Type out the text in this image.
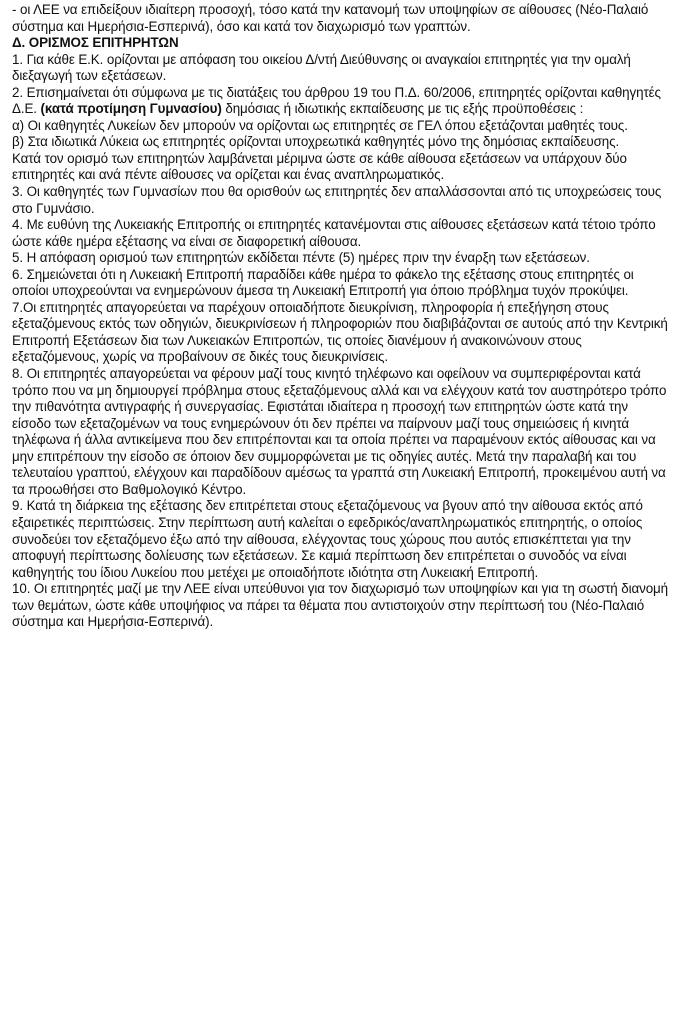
- οι ΛΕΕ να επιδείξουν ιδιαίτερη προσοχή, τόσο κατά την κατανομή των υποψηφίων σε αίθουσες (Νέο-Παλαιό σύστημα και Ημερήσια-Εσπερινά), όσο και κατά τον διαχωρισμό των γραπτών.

Δ. ΟΡΙΣΜΟΣ ΕΠΙΤΗΡΗΤΩΝ

1. Για κάθε Ε.Κ. ορίζονται με απόφαση του οικείου Δ/ντή Διεύθυνσης οι αναγκαίοι επιτηρητές για την ομαλή διεξαγωγή των εξετάσεων.

2. Επισημαίνεται ότι σύμφωνα με τις διατάξεις του άρθρου 19 του Π.Δ. 60/2006, επιτηρητές ορίζονται καθηγητές Δ.Ε. (κατά προτίμηση Γυμνασίου) δημόσιας ή ιδιωτικής εκπαίδευσης με τις εξής προϋποθέσεις :

α) Οι καθηγητές Λυκείων δεν μπορούν να ορίζονται ως επιτηρητές σε ΓΕΛ όπου εξετάζονται μαθητές τους.

β) Στα ιδιωτικά Λύκεια ως επιτηρητές ορίζονται υποχρεωτικά καθηγητές μόνο της δημόσιας εκπαίδευσης.

Κατά τον ορισμό των επιτηρητών λαμβάνεται μέριμνα ώστε σε κάθε αίθουσα εξετάσεων να υπάρχουν δύο επιτηρητές και ανά πέντε αίθουσες να ορίζεται και ένας αναπληρωματικός.

3. Οι καθηγητές των Γυμνασίων που θα ορισθούν ως επιτηρητές δεν απαλλάσσονται από τις υποχρεώσεις τους στο Γυμνάσιο.

4. Με ευθύνη της Λυκειακής Επιτροπής οι επιτηρητές κατανέμονται στις αίθουσες εξετάσεων κατά τέτοιο τρόπο ώστε κάθε ημέρα εξέτασης να είναι σε διαφορετική αίθουσα.

5. Η απόφαση ορισμού των επιτηρητών εκδίδεται πέντε (5) ημέρες πριν την έναρξη των εξετάσεων.

6. Σημειώνεται ότι η Λυκειακή Επιτροπή παραδίδει κάθε ημέρα το φάκελο της εξέτασης στους επιτηρητές οι οποίοι υποχρεούνται να ενημερώνουν άμεσα τη Λυκειακή Επιτροπή για όποιο πρόβλημα τυχόν προκύψει.

7.Οι επιτηρητές απαγορεύεται να παρέχουν οποιαδήποτε διευκρίνιση, πληροφορία ή επεξήγηση στους εξεταζόμενους εκτός των οδηγιών, διευκρινίσεων ή πληροφοριών που διαβιβάζονται σε αυτούς από την Κεντρική Επιτροπή Εξετάσεων δια των Λυκειακών Επιτροπών, τις οποίες διανέμουν ή ανακοινώνουν στους εξεταζόμενους, χωρίς να προβαίνουν σε δικές τους διευκρινίσεις.

8. Οι επιτηρητές απαγορεύεται να φέρουν μαζί τους κινητό τηλέφωνο και οφείλουν να συμπεριφέρονται κατά τρόπο που να μη δημιουργεί πρόβλημα στους εξεταζόμενους αλλά και να ελέγχουν κατά τον αυστηρότερο τρόπο την πιθανότητα αντιγραφής ή συνεργασίας. Εφιστάται ιδιαίτερα η προσοχή των επιτηρητών ώστε κατά την είσοδο των εξεταζομένων να τους ενημερώνουν ότι δεν πρέπει να παίρνουν μαζί τους σημειώσεις ή κινητά τηλέφωνα ή άλλα αντικείμενα που δεν επιτρέπονται και τα οποία πρέπει να παραμένουν εκτός αίθουσας και να μην επιτρέπουν την είσοδο σε όποιον δεν συμμορφώνεται με τις οδηγίες αυτές. Μετά την παραλαβή και του τελευταίου γραπτού, ελέγχουν και παραδίδουν αμέσως τα γραπτά στη Λυκειακή Επιτροπή, προκειμένου αυτή να τα προωθήσει στο Βαθμολογικό Κέντρο.

9. Κατά τη διάρκεια της εξέτασης δεν επιτρέπεται στους εξεταζόμενους να βγουν από την αίθουσα εκτός από εξαιρετικές περιπτώσεις. Στην περίπτωση αυτή καλείται ο εφεδρικός/αναπληρωματικός επιτηρητής, ο οποίος συνοδεύει τον εξεταζόμενο έξω από την αίθουσα, ελέγχοντας τους χώρους που αυτός επισκέπτεται για την αποφυγή περίπτωσης δολίευσης των εξετάσεων. Σε καμιά περίπτωση δεν επιτρέπεται ο συνοδός να είναι καθηγητής του ίδιου Λυκείου που μετέχει με οποιαδήποτε ιδιότητα στη Λυκειακή Επιτροπή.

10. Οι επιτηρητές μαζί με την ΛΕΕ είναι υπεύθυνοι για τον διαχωρισμό των υποψηφίων και για τη σωστή διανομή των θεμάτων, ώστε κάθε υποψήφιος να πάρει τα θέματα που αντιστοιχούν στην περίπτωσή του (Νέο-Παλαιό σύστημα και Ημερήσια-Εσπερινά).
